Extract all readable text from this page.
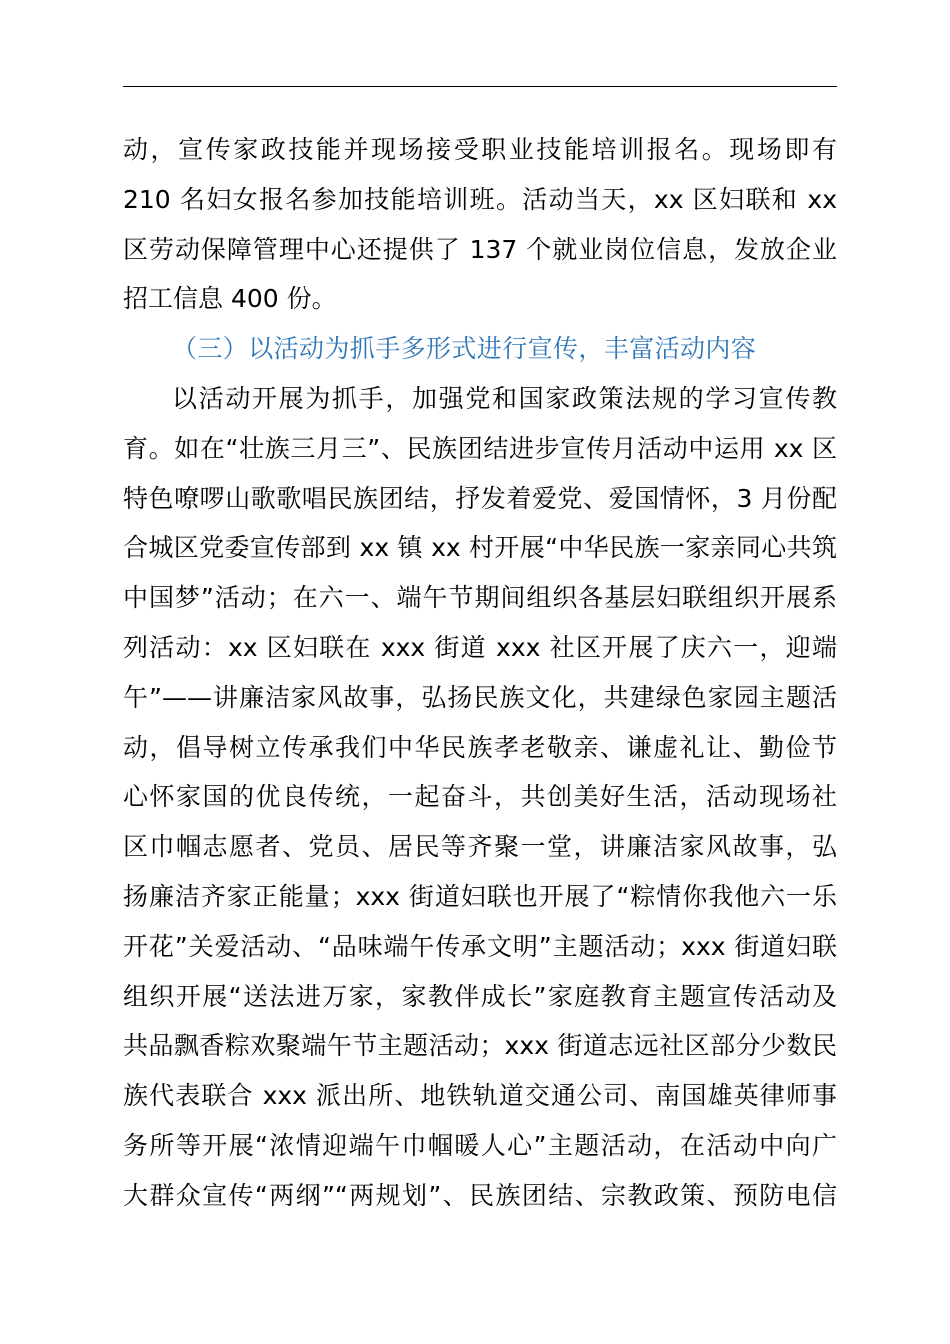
动，宣传家政技能并现场接受职业技能培训报名。现场即有
210 名妇女报名参加技能培训班。活动当天，xx 区妇联和 xx
区劳动保障管理中心还提供了 137 个就业岗位信息，发放企业
招工信息 400 份。
（三）以活动为抓手多形式进行宣传，丰富活动内容
以活动开展为抓手，加强党和国家政策法规的学习宣传教
育。如在“壮族三月三”、民族团结进步宣传月活动中运用 xx 区
特色嘹啰山歌歌唱民族团结，抒发着爱党、爱国情怀，3 月份配
合城区党委宣传部到 xx 镇 xx 村开展“中华民族一家亲同心共筑
中国梦”活动；在六一、端午节期间组织各基层妇联组织开展系
列活动：xx 区妇联在 xxx 街道 xxx 社区开展了庆六一，迎端
午”——讲廉洁家风故事，弘扬民族文化，共建绿色家园主题活
动，倡导树立传承我们中华民族孝老敬亲、谦虚礼让、勤俭节
心怀家国的优良传统，一起奋斗，共创美好生活，活动现场社
区巾帼志愿者、党员、居民等齐聚一堂，讲廉洁家风故事，弘
扬廉洁齐家正能量；xxx 街道妇联也开展了“粽情你我他六一乐
开花”关爱活动、“品味端午传承文明”主题活动；xxx 街道妇联
组织开展“送法进万家，家教伴成长”家庭教育主题宣传活动及
共品飘香粽欢聚端午节主题活动；xxx 街道志远社区部分少数民
族代表联合 xxx 派出所、地铁轨道交通公司、南国雄英律师事
务所等开展“浓情迎端午巾帼暖人心”主题活动，在活动中向广
大群众宣传“两纲”“两规划”、民族团结、宗教政策、预防电信
